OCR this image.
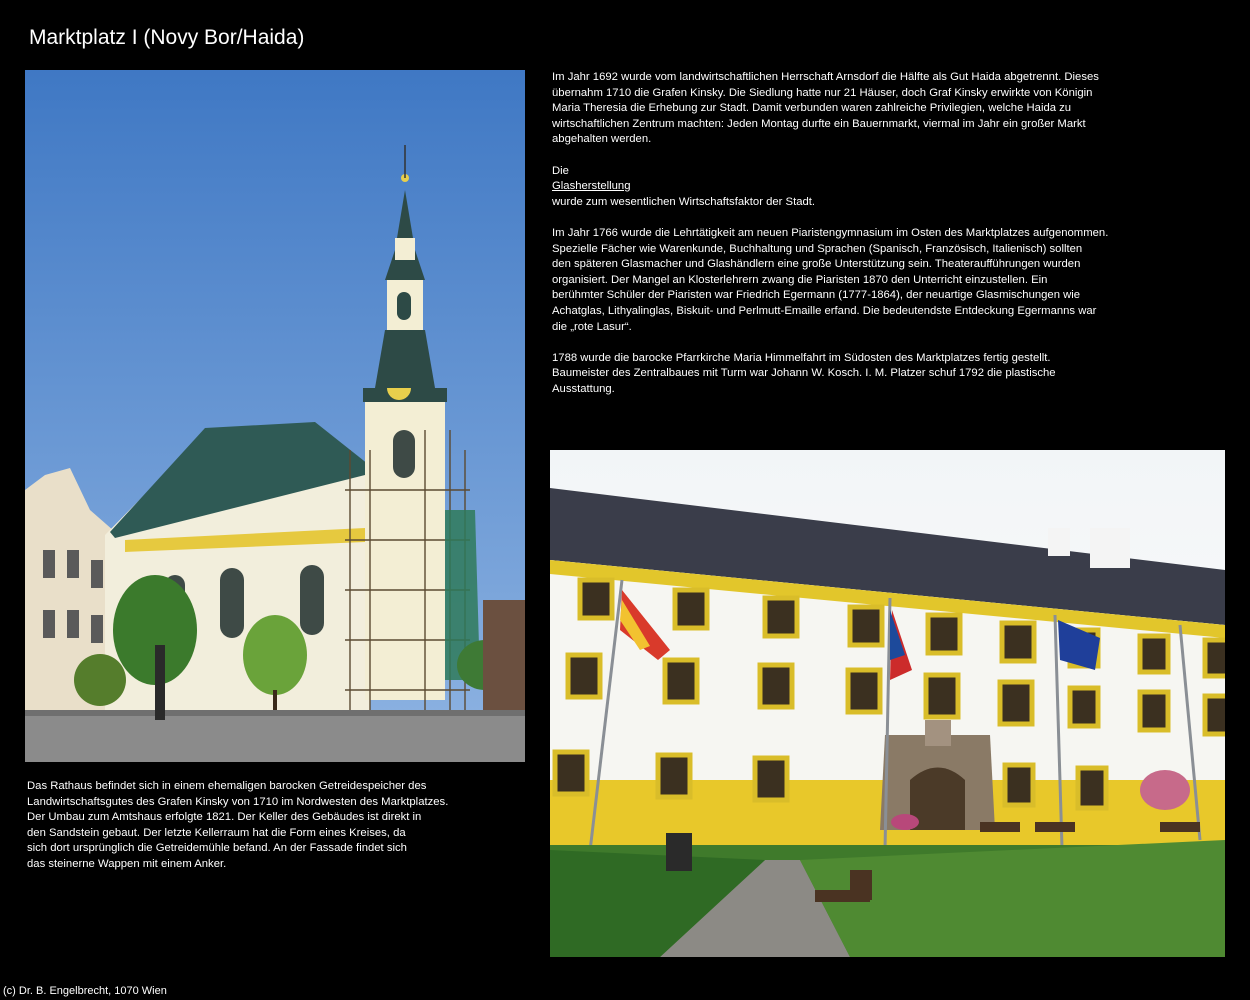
Marktplatz I (Novy Bor/Haida)

Im Jahr 1692 wurde vom landwirtschaftlichen Herrschaft Arnsdorf die Hälfte als Gut Haida abgetrennt. Dieses
übernahm 1710 die Grafen Kinsky. Die Siedlung hatte nur 21 Häuser, doch Graf Kinsky erwirkte von Königin
Maria Theresia die Erhebung zur Stadt. Damit verbunden waren zahlreiche Privilegien, welche Haida zu
wirtschaftlichen Zentrum machten: Jeden Montag durfte ein Bauernmarkt, viermal im Jahr ein großer Markt
abgehalten werden.

Die
Glasherstellung
wurde zum wesentlichen Wirtschaftsfaktor der Stadt.

Im Jahr 1766 wurde die Lehrtätigkeit am neuen Piaristengymnasium im Osten des Marktplatzes aufgenommen.
Spezielle Fächer wie Warenkunde, Buchhaltung und Sprachen (Spanisch, Französisch, Italienisch) sollten
den späteren Glasmacher und Glashändlern eine große Unterstützung sein. Theateraufführungen wurden
organisiert. Der Mangel an Klosterlehrern zwang die Piaristen 1870 den Unterricht einzustellen. Ein
berühmter Schüler der Piaristen war Friedrich Egermann (1777-1864), der neuartige Glasmischungen wie
Achatglas, Lithyalinglas, Biskuit- und Perlmutt-Emaille erfand. Die bedeutendste Entdeckung Egermanns war
die „rote Lasur“.

1788 wurde die barocke Pfarrkirche Maria Himmelfahrt im Südosten des Marktplatzes fertig gestellt.
Baumeister des Zentralbaues mit Turm war Johann W. Kosch. I. M. Platzer schuf 1792 die plastische
Ausstattung.

Das Rathaus befindet sich in einem ehemaligen barocken Getreidespeicher des
Landwirtschaftsgutes des Grafen Kinsky von 1710 im Nordwesten des Marktplatzes.
Der Umbau zum Amtshaus erfolgte 1821. Der Keller des Gebäudes ist direkt in
den Sandstein gebaut. Der letzte Kellerraum hat die Form eines Kreises, da
sich dort ursprünglich die Getreidemühle befand. An der Fassade findet sich
das steinerne Wappen mit einem Anker.

(c) Dr. B. Engelbrecht, 1070 Wien
